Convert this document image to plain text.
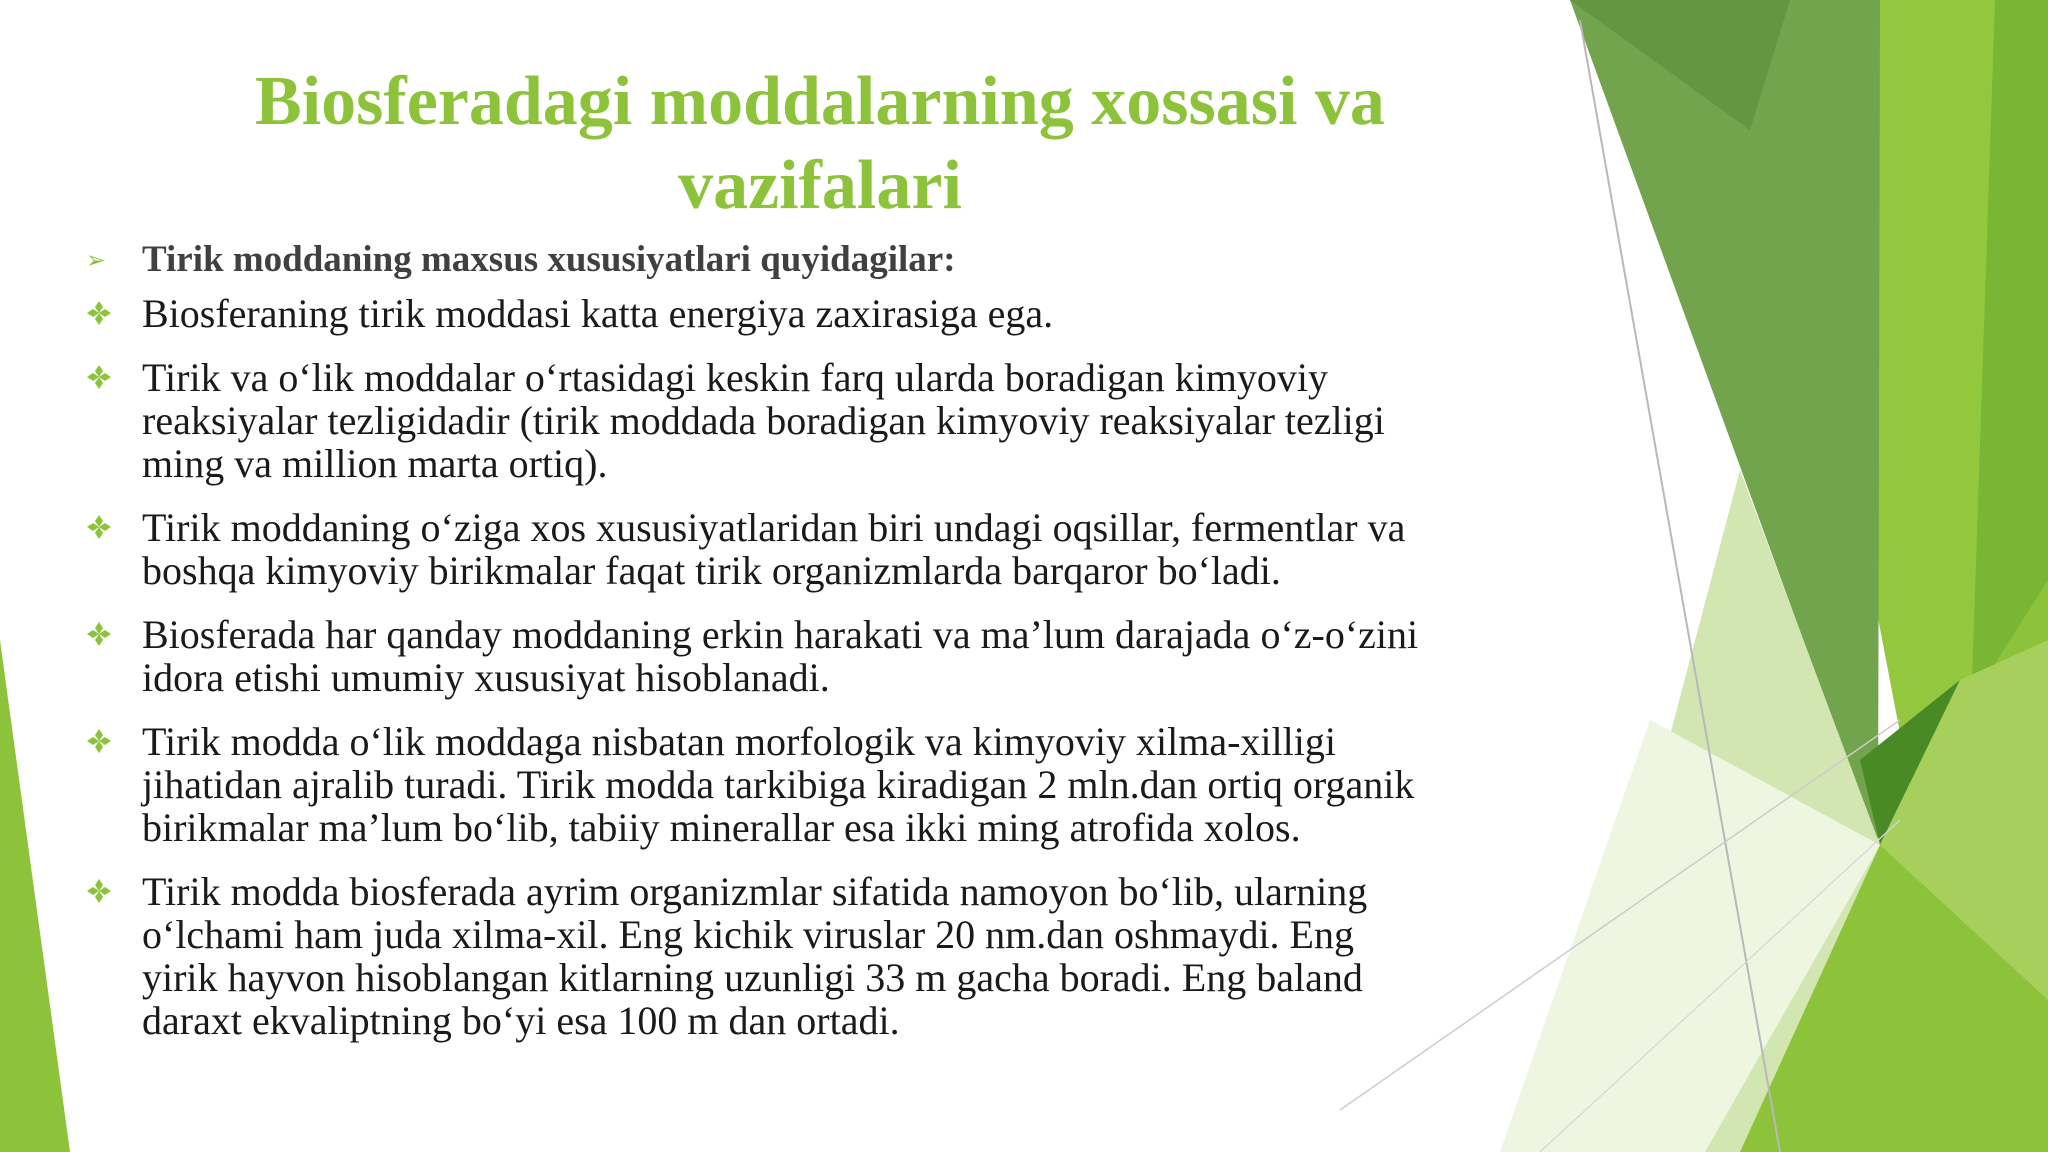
Biosferadagi moddalarning xossasi va vazifalari
➢ Tirik moddaning maxsus xususiyatlari quyidagilar:
Biosferaning tirik moddasi katta energiya zaxirasiga ega.
Tirik va o‘lik moddalar o‘rtasidagi keskin farq ularda boradigan kimyoviy reaksiyalar tezligidadir (tirik moddada boradigan kimyoviy reaksiyalar tezligi ming va million marta ortiq).
Tirik moddaning o‘ziga xos xususiyatlaridan biri undagi oqsillar, fermentlar va boshqa kimyoviy birikmalar faqat tirik organizmlarda barqaror bo‘ladi.
Biosferada har qanday moddaning erkin harakati va ma’lum darajada o‘z-o‘zini idora etishi umumiy xususiyat hisoblanadi.
Tirik modda o‘lik moddaga nisbatan morfologik va kimyoviy xilma-xilligi jihatidan ajralib turadi. Tirik modda tarkibiga kiradigan 2 mln.dan ortiq organik birikmalar ma’lum bo‘lib, tabiiy minerallar esa ikki ming atrofida xolos.
Tirik modda biosferada ayrim organizmlar sifatida namoyon bo‘lib, ularning o‘lchami ham juda xilma-xil. Eng kichik viruslar 20 nm.dan oshmaydi. Eng yirik hayvon hisoblangan kitlarning uzunligi 33 m gacha boradi. Eng baland daraxt ekvaliptning bo‘yi esa 100 m dan ortadi.
